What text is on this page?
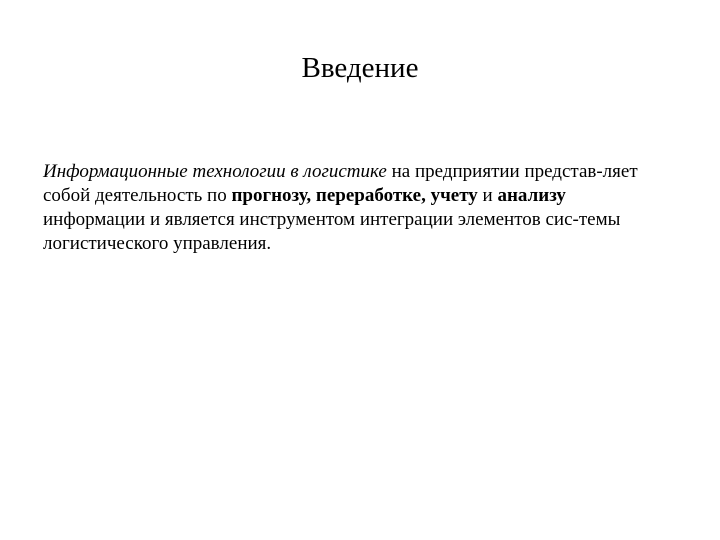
Введение

Информационные технологии в логистике на предприятии представ-ляет
собой деятельность по прогнозу, переработке, учету и анализу
информации и является инструментом интеграции элементов сис-темы
логистического управления.
